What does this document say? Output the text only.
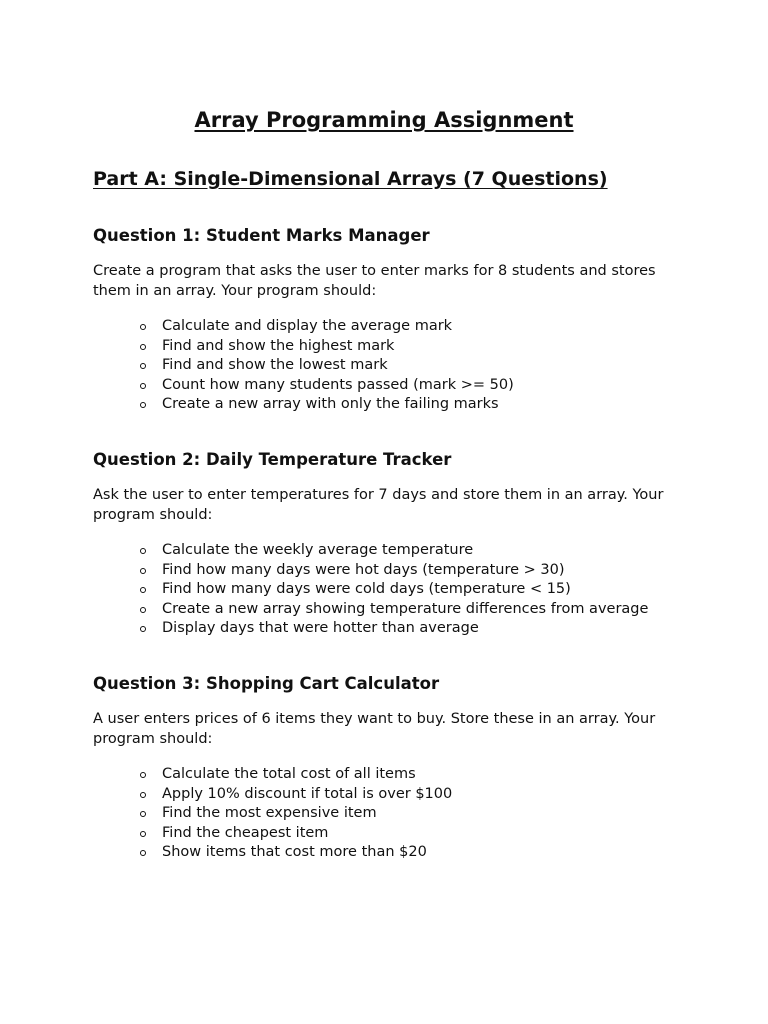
Array Programming Assignment
Part A: Single-Dimensional Arrays (7 Questions)
Question 1: Student Marks Manager

Create a program that asks the user to enter marks for 8 students and stores them in an array. Your program should:

Calculate and display the average mark
Find and show the highest mark
Find and show the lowest mark
Count how many students passed (mark >= 50)
Create a new array with only the failing marks
Question 2: Daily Temperature Tracker

Ask the user to enter temperatures for 7 days and store them in an array. Your program should:

Calculate the weekly average temperature
Find how many days were hot days (temperature > 30)
Find how many days were cold days (temperature < 15)
Create a new array showing temperature differences from average
Display days that were hotter than average
Question 3: Shopping Cart Calculator

A user enters prices of 6 items they want to buy. Store these in an array. Your program should:

Calculate the total cost of all items
Apply 10% discount if total is over $100
Find the most expensive item
Find the cheapest item
Show items that cost more than $20
